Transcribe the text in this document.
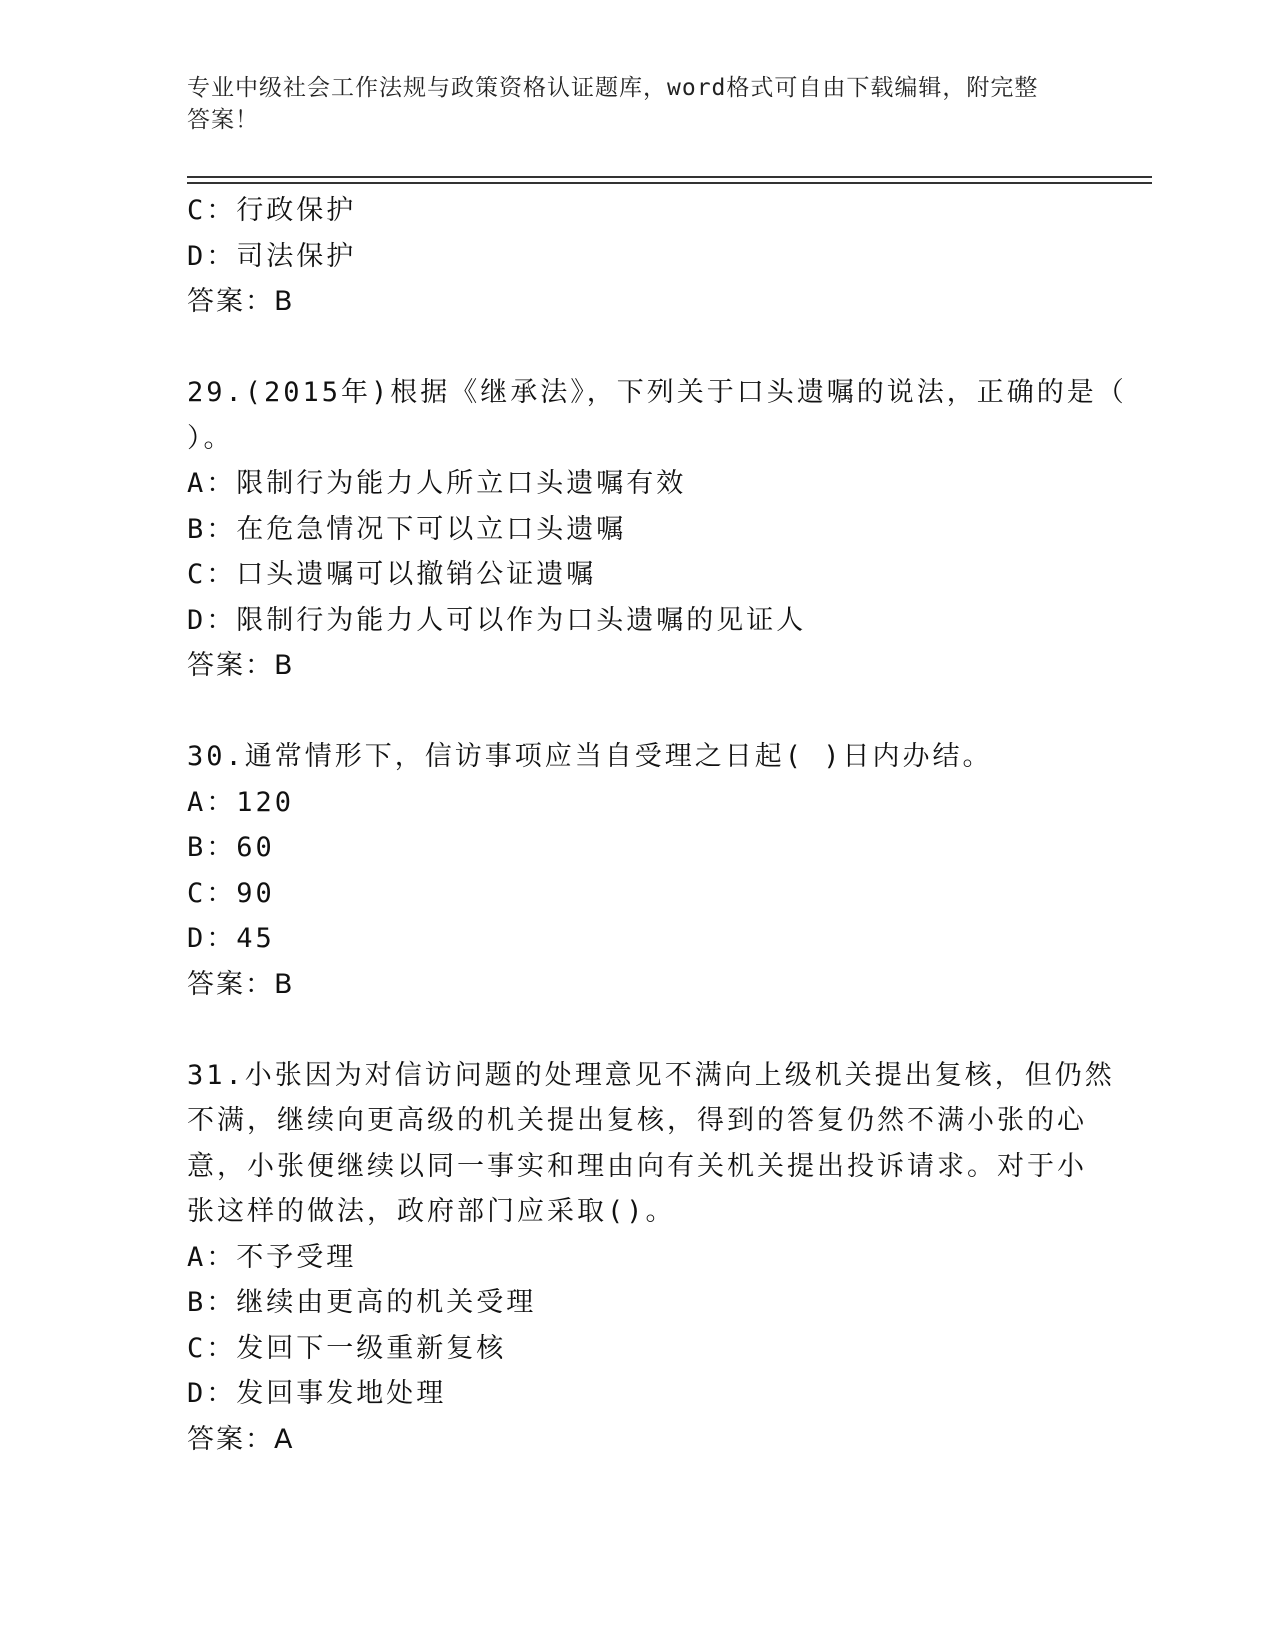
专业中级社会工作法规与政策资格认证题库，word格式可自由下载编辑，附完整
答案！
C：行政保护
D：司法保护
答案：B
29.(2015年)根据《继承法》，下列关于口头遗嘱的说法，正确的是（
）。
A：限制行为能力人所立口头遗嘱有效
B：在危急情况下可以立口头遗嘱
C：口头遗嘱可以撤销公证遗嘱
D：限制行为能力人可以作为口头遗嘱的见证人
答案：B
30.通常情形下，信访事项应当自受理之日起( )日内办结。
A：120
B：60
C：90
D：45
答案：B
31.小张因为对信访问题的处理意见不满向上级机关提出复核，但仍然
不满，继续向更高级的机关提出复核，得到的答复仍然不满小张的心
意，小张便继续以同一事实和理由向有关机关提出投诉请求。对于小
张这样的做法，政府部门应采取()。
A：不予受理
B：继续由更高的机关受理
C：发回下一级重新复核
D：发回事发地处理
答案：A
